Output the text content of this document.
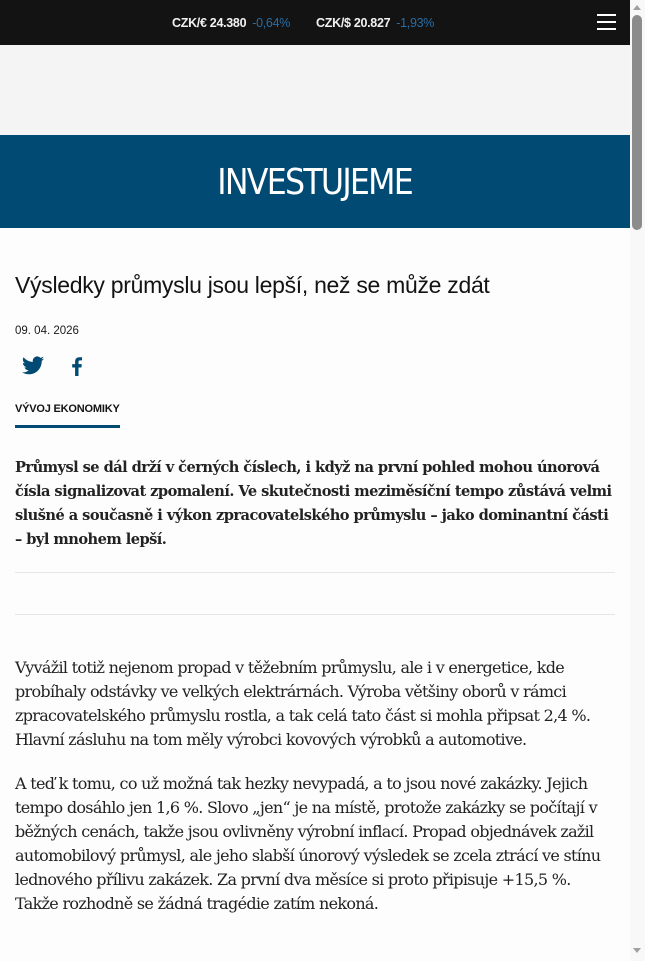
CZK/€ 24.380 -0,64% CZK/$ 20.827 -1,93%
INVESTUJEME
Výsledky průmyslu jsou lepší, než se může zdát
09. 04. 2026
VÝVOJ EKONOMIKY
Průmysl se dál drží v černých číslech, i když na první pohled mohou únorová čísla signalizovat zpomalení. Ve skutečnosti meziměsíční tempo zůstává velmi slušné a současně i výkon zpracovatelského průmyslu – jako dominantní části – byl mnohem lepší.

Vyvážil totiž nejenom propad v těžebním průmyslu, ale i v energetice, kde probíhaly odstávky ve velkých elektrárnách. Výroba většiny oborů v rámci zpracovatelského průmyslu rostla, a tak celá tato část si mohla připsat 2,4 %. Hlavní zásluhu na tom měly výrobci kovových výrobků a automotive.

A teď k tomu, co už možná tak hezky nevypadá, a to jsou nové zakázky. Jejich tempo dosáhlo jen 1,6 %. Slovo „jen“ je na místě, protože zakázky se počítají v běžných cenách, takže jsou ovlivněny výrobní inflací. Propad objednávek zažil automobilový průmysl, ale jeho slabší únorový výsledek se zcela ztrácí ve stínu lednového přílivu zakázek. Za první dva měsíce si proto připisuje +15,5 %. Takže rozhodně se žádná tragédie zatím nekoná.
